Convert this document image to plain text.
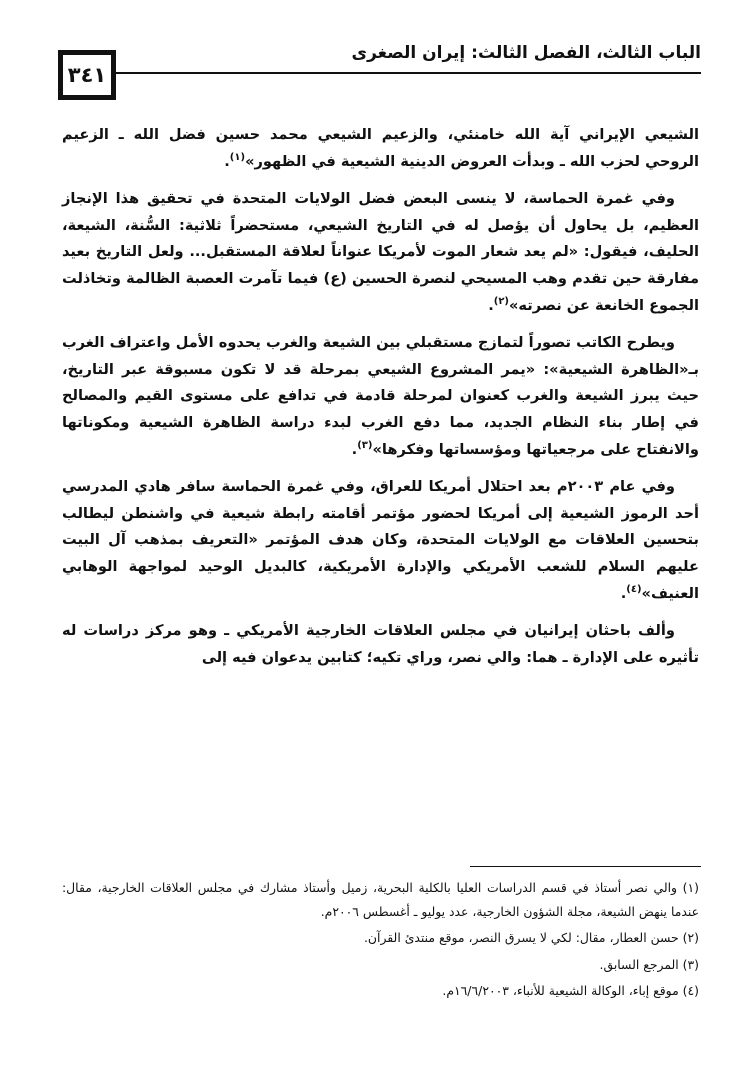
٣٤١
الباب الثالث، الفصل الثالث: إيران الصغرى

الشيعي الإيراني آية الله خامنئي، والزعيم الشيعي محمد حسين فضل الله ـ الزعيم الروحي لحزب الله ـ وبدأت العروض الدينية الشيعية في الظهور»$^{(١)}$.

وفي غمرة الحماسة، لا ينسى البعض فضل الولايات المتحدة في تحقيق هذا الإنجاز العظيم، بل يحاول أن يؤصل له في التاريخ الشيعي، مستحضراً ثلاثية: السُّنة، الشيعة، الحليف، فيقول: «لم يعد شعار الموت لأمريكا عنواناً لعلاقة المستقبل... ولعل التاريخ بعيد مفارقة حين تقدم وهب المسيحي لنصرة الحسين (ع) فيما تآمرت العصبة الظالمة وتخاذلت الجموع الخانعة عن نصرته»$^{(٢)}$.

ويطرح الكاتب تصوراً لتمازج مستقبلي بين الشيعة والغرب يحدوه الأمل واعتراف الغرب بـ«الظاهرة الشيعية»: «يمر المشروع الشيعي بمرحلة قد لا تكون مسبوقة عبر التاريخ، حيث يبرز الشيعة والغرب كعنوان لمرحلة قادمة في تدافع على مستوى القيم والمصالح في إطار بناء النظام الجديد، مما دفع الغرب لبدء دراسة الظاهرة الشيعية ومكوناتها والانفتاح على مرجعياتها ومؤسساتها وفكرها»$^{(٣)}$.

وفي عام ٢٠٠٣م بعد احتلال أمريكا للعراق، وفي غمرة الحماسة سافر هادي المدرسي أحد الرموز الشيعية إلى أمريكا لحضور مؤتمر أقامته رابطة شيعية في واشنطن ليطالب بتحسين العلاقات مع الولايات المتحدة، وكان هدف المؤتمر «التعريف بمذهب آل البيت عليهم السلام للشعب الأمريكي والإدارة الأمريكية، كالبديل الوحيد لمواجهة الوهابي العنيف»$^{(٤)}$.

وألف باحثان إيرانيان في مجلس العلاقات الخارجية الأمريكي ـ وهو مركز دراسات له تأثيره على الإدارة ـ هما: والي نصر، وراي تكيه؛ كتابين يدعوان فيه إلى

(١) والي نصر أستاذ في قسم الدراسات العليا بالكلية البحرية، زميل وأستاذ مشارك في مجلس العلاقات الخارجية، مقال: عندما ينهض الشيعة، مجلة الشؤون الخارجية، عدد يوليو ـ أغسطس ٢٠٠٦م.
(٢) حسن العطار، مقال: لكي لا يسرق النصر، موقع منتدئ القرآن.
(٣) المرجع السابق.
(٤) موقع إباء، الوكالة الشيعية للأنباء، ١٦/٦/٢٠٠٣م.
